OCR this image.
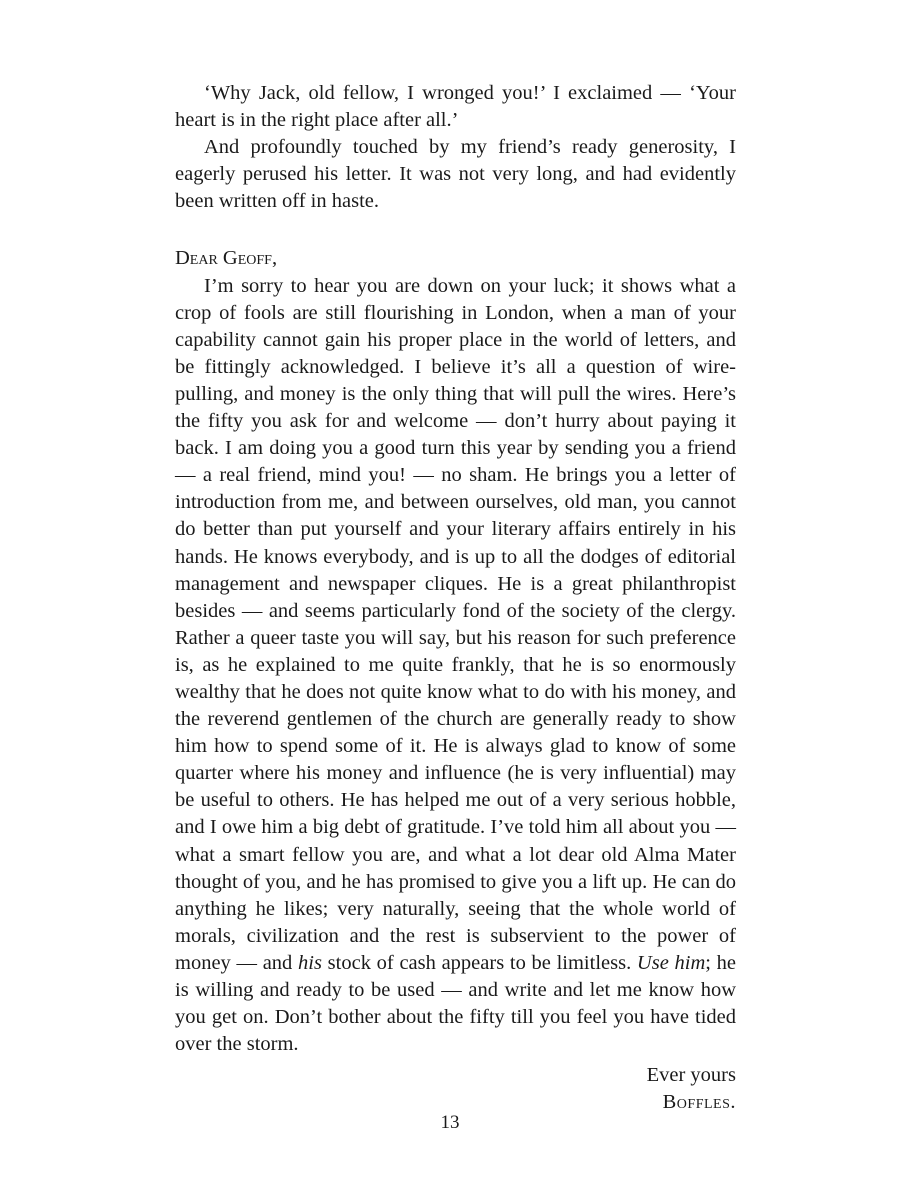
‘Why Jack, old fellow, I wronged you!’ I exclaimed — ‘Your heart is in the right place after all.’

And profoundly touched by my friend’s ready generosity, I eagerly perused his letter. It was not very long, and had evidently been written off in haste.

Dear Geoff,

I’m sorry to hear you are down on your luck; it shows what a crop of fools are still flourishing in London, when a man of your capability cannot gain his proper place in the world of letters, and be fittingly acknowledged. I believe it’s all a question of wire-pulling, and money is the only thing that will pull the wires. Here’s the fifty you ask for and welcome — don’t hurry about paying it back. I am doing you a good turn this year by sending you a friend — a real friend, mind you! — no sham. He brings you a letter of introduction from me, and between ourselves, old man, you cannot do better than put yourself and your literary affairs entirely in his hands. He knows everybody, and is up to all the dodges of editorial management and newspaper cliques. He is a great philanthropist besides — and seems particularly fond of the society of the clergy. Rather a queer taste you will say, but his reason for such preference is, as he explained to me quite frankly, that he is so enormously wealthy that he does not quite know what to do with his money, and the reverend gentlemen of the church are generally ready to show him how to spend some of it. He is always glad to know of some quarter where his money and influence (he is very influential) may be useful to others. He has helped me out of a very serious hobble, and I owe him a big debt of gratitude. I’ve told him all about you — what a smart fellow you are, and what a lot dear old Alma Mater thought of you, and he has promised to give you a lift up. He can do anything he likes; very naturally, seeing that the whole world of morals, civilization and the rest is subservient to the power of money — and his stock of cash appears to be limitless. Use him; he is willing and ready to be used — and write and let me know how you get on. Don’t bother about the fifty till you feel you have tided over the storm.

Ever yours
Boffles.
13
